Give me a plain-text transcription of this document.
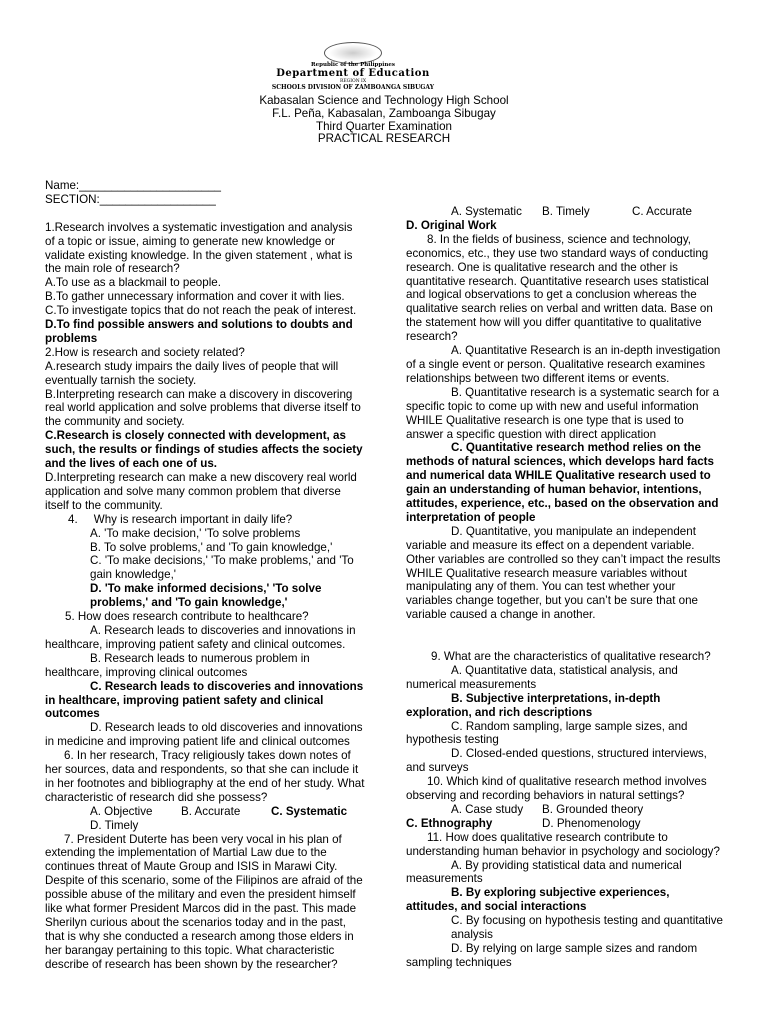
Republic of the Philippines
Department of Education
REGION IX
SCHOOLS DIVISION OF ZAMBOANGA SIBUGAY
Kabasalan Science and Technology High School
F.L. Peña, Kabasalan, Zamboanga Sibugay
Third Quarter Examination
PRACTICAL RESEARCH

Name:______________________

SECTION:__________________

1.Research involves a systematic investigation and analysis of a topic or issue, aiming to generate new knowledge or validate existing knowledge. In the given statement , what is the main role of research?

A.To use as a blackmail to people.

B.To gather unnecessary information and cover it with lies.

C.To investigate topics that do not reach the peak of interest.

D.To find possible answers and solutions to doubts and problems

2.How is research and society related?

A.research study impairs the daily lives of people that will eventually tarnish the society.

B.Interpreting research can make a discovery in discovering real world application and solve problems that diverse itself to the community and society.

C.Research is closely connected with development, as such, the results or findings of studies affects the society and the lives of each one of us.

D.Interpreting research can make a new discovery real world application and solve many common problem that diverse itself to the community.

4.     Why is research important in daily life?

A. 'To make decision,' 'To solve problems

B. To solve problems,' and 'To gain knowledge,'

C. 'To make decisions,' 'To make problems,' and 'To gain knowledge,'

D. 'To make informed decisions,' 'To solve problems,' and 'To gain knowledge,'

5. How does research contribute to healthcare?

A. Research leads to discoveries and innovations in

healthcare, improving patient safety and clinical outcomes.

B. Research leads to numerous problem in

healthcare, improving clinical outcomes

C. Research leads to discoveries and innovations

in healthcare, improving patient safety and clinical outcomes

D. Research leads to old discoveries and innovations

in medicine and improving patient life and clinical outcomes

6. In her research, Tracy religiously takes down notes of her sources, data and respondents, so that she can include it in her footnotes and bibliography at the end of her study. What characteristic of research did she possess?

A. Objective B. Accurate	C. Systematic

D. Timely

7. President Duterte has been very vocal in his plan of extending the implementation of Martial Law due to the continues threat of Maute Group and ISIS in Marawi City. Despite of this scenario, some of the Filipinos are afraid of the possible abuse of the military and even the president himself like what former President Marcos did in the past. This made Sherilyn curious about the scenarios today and in the past, that is why she conducted a research among those elders in her barangay pertaining to this topic. What characteristic describe of research has been shown by the researcher?

A. Systematic B. Timely	C. Accurate

D. Original Work

8. In the fields of business, science and technology, economics, etc., they use two standard ways of conducting research. One is qualitative research and the other is quantitative research. Quantitative research uses statistical and logical observations to get a conclusion whereas the qualitative search relies on verbal and written data. Base on the statement how will you differ quantitative to qualitative research?

A. Quantitative Research is an in-depth investigation of a single event or person. Qualitative research examines relationships between two different items or events.

B. Quantitative research is a systematic search for a specific topic to come up with new and useful information WHILE Qualitative research is one type that is used to answer a specific question with direct application

C. Quantitative research method relies on the methods of natural sciences, which develops hard facts and numerical data WHILE Qualitative research used to gain an understanding of human behavior, intentions, attitudes, experience, etc., based on the observation and interpretation of people

D. Quantitative, you manipulate an independent variable and measure its effect on a dependent variable. Other variables are controlled so they can’t impact the results WHILE Qualitative research measure variables without manipulating any of them. You can test whether your variables change together, but you can’t be sure that one variable caused a change in another.

9. What are the characteristics of qualitative research?

A. Quantitative data, statistical analysis, and numerical measurements

B. Subjective interpretations, in-depth exploration, and rich descriptions

C. Random sampling, large sample sizes, and hypothesis testing

D. Closed-ended questions, structured interviews, and surveys

10. Which kind of qualitative research method involves observing and recording behaviors in natural settings?

A. Case study B. Grounded theory

C. Ethnography	D. Phenomenology

11. How does qualitative research contribute to understanding human behavior in psychology and sociology?

A. By providing statistical data and numerical measurements

B. By exploring subjective experiences, attitudes, and social interactions

C. By focusing on hypothesis testing and quantitative analysis

D. By relying on large sample sizes and random sampling techniques
